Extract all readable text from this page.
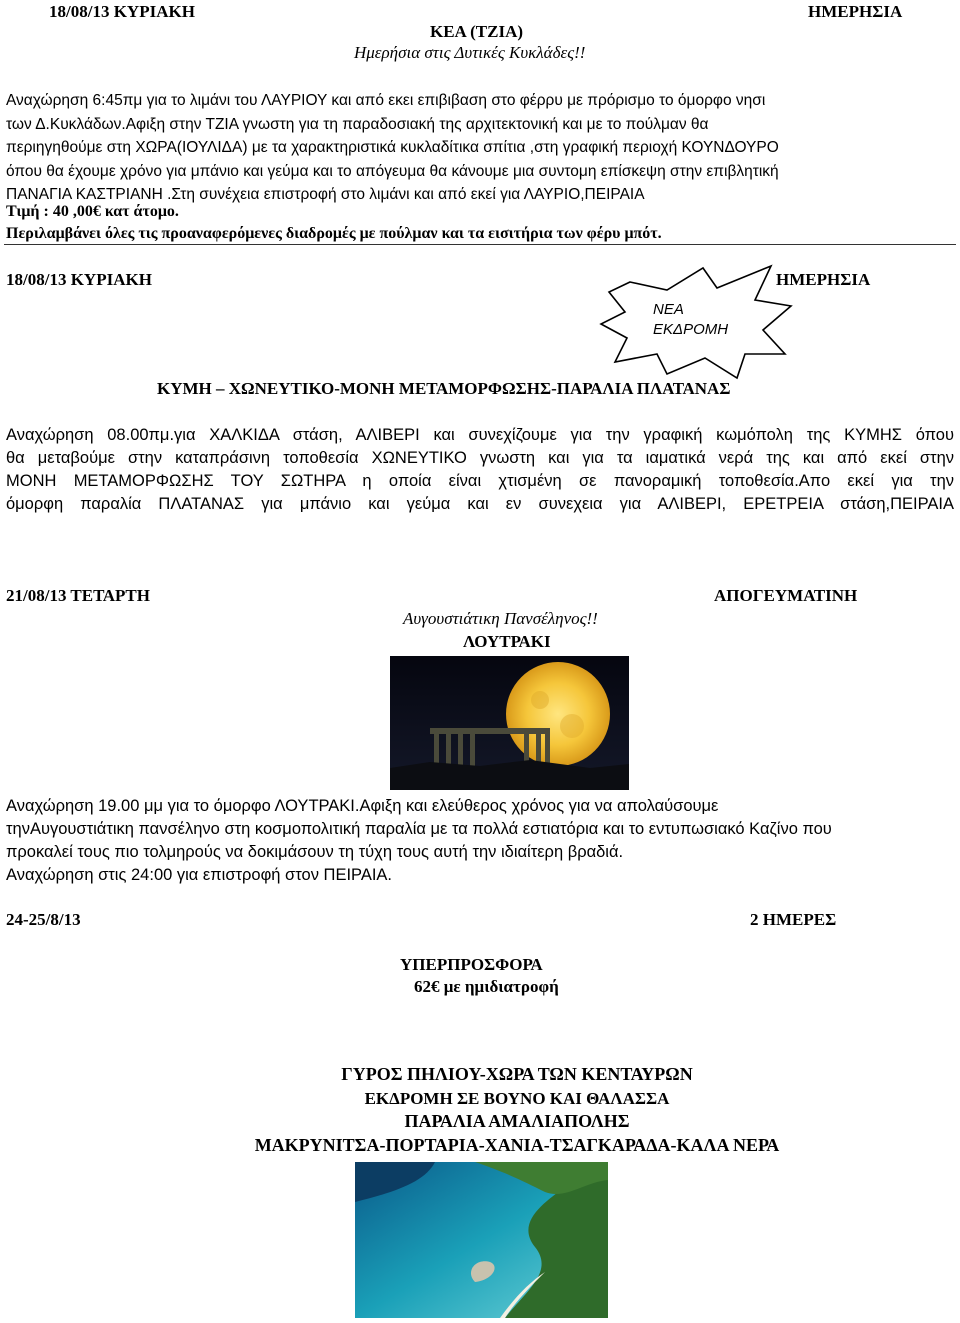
18/08/13 ΚΥΡΙΑΚΗ	ΗΜΕΡΗΣΙΑ
ΚΕΑ (ΤΖΙΑ)
Ημερήσια στις Δυτικές Κυκλάδες!!
Αναχώρηση 6:45πμ για το λιμάνι του ΛΑΥΡΙΟΥ και από εκει επιβιβαση στο φέρρυ με πρόρισμο το όμορφο νησι
των Δ.Κυκλάδων.Αφιξη στην ΤΖΙΑ γνωστη για τη παραδοσιακή της αρχιτεκτονική και με το πούλμαν θα
περιηγηθούμε στη ΧΩΡΑ(ΙΟΥΛΙΔΑ) με τα χαρακτηριστικά κυκλαδίτικα σπίτια ,στη γραφική περιοχή ΚΟΥΝΔΟΥΡΟ
όπου θα έχουμε χρόνο για μπάνιο και γεύμα και το απόγευμα θα κάνουμε μια συντομη επίσκεψη στην επιβλητική
ΠΑΝΑΓΙΑ ΚΑΣΤΡΙΑΝΗ .Στη συνέχεια επιστροφή στο λιμάνι και από εκεί για ΛΑΥΡΙΟ,ΠΕΙΡΑΙΑ
Τιμή : 40 ,00€ κατ άτομο.
Περιλαμβάνει όλες τις προαναφερόμενες διαδρομές με πούλμαν και τα εισιτήρια των φέρυ μπότ.
18/08/13 ΚΥΡΙΑΚΗ	ΗΜΕΡΗΣΙΑ
ΝΕΑ
ΕΚΔΡΟΜΗ
ΚΥΜΗ – ΧΩΝΕΥΤΙΚΟ-ΜΟΝΗ ΜΕΤΑΜΟΡΦΩΣΗΣ-ΠΑΡΑΛΙΑ ΠΛΑΤΑΝΑΣ
Αναχώρηση 08.00πμ.για ΧΑΛΚΙΔΑ στάση, ΑΛΙΒΕΡΙ και συνεχίζουμε για την γραφική κωμόπολη της ΚΥΜΗΣ όπου
θα μεταβούμε στην καταπράσινη τοποθεσία ΧΩΝΕΥΤΙΚΟ γνωστη και για τα ιαματικά νερά της και από εκεί στην
ΜΟΝΗ ΜΕΤΑΜΟΡΦΩΣΗΣ ΤΟΥ ΣΩΤΗΡΑ η οποία είναι χτισμένη σε πανοραμική τοποθεσία.Απο εκεί για την
όμορφη παραλία ΠΛΑΤΑΝΑΣ για μπάνιο και γεύμα και εν συνεχεια για ΑΛΙΒΕΡΙ, ΕΡΕΤΡΕΙΑ στάση,ΠΕΙΡΑΙΑ
21/08/13 ΤΕΤΑΡΤΗ	ΑΠΟΓΕΥΜΑΤΙΝΗ
Αυγουστιάτικη Πανσέληνος!!
ΛΟΥΤΡΑΚΙ
Αναχώρηση 19.00 μμ για το όμορφο ΛΟΥΤΡΑΚΙ.Αφιξη και ελεύθερος χρόνος για να απολαύσουμε
τηνΑυγουστιάτικη πανσέληνο στη κοσμοπολιτική παραλία με τα πολλά εστιατόρια και το εντυπωσιακό Καζίνο που
προκαλεί τους πιο τολμηρούς να δοκιμάσουν τη τύχη τους αυτή την ιδιαίτερη βραδιά.
Αναχώρηση στις 24:00 για επιστροφή στον ΠΕΙΡΑΙΑ.
24-25/8/13	2 ΗΜΕΡΕΣ
ΥΠΕΡΠΡΟΣΦΟΡΑ
62€ με ημιδιατροφή
ΓΥΡΟΣ ΠΗΛΙΟΥ-ΧΩΡΑ ΤΩΝ ΚΕΝΤΑΥΡΩΝ
ΕΚΔΡΟΜΗ ΣΕ ΒΟΥΝΟ ΚΑΙ ΘΑΛΑΣΣΑ
ΠΑΡΑΛΙΑ ΑΜΑΛΙΑΠΟΛΗΣ
ΜΑΚΡΥΝΙΤΣΑ-ΠΟΡΤΑΡΙΑ-ΧΑΝΙΑ-ΤΣΑΓΚΑΡΑΔΑ-ΚΑΛΑ ΝΕΡΑ
